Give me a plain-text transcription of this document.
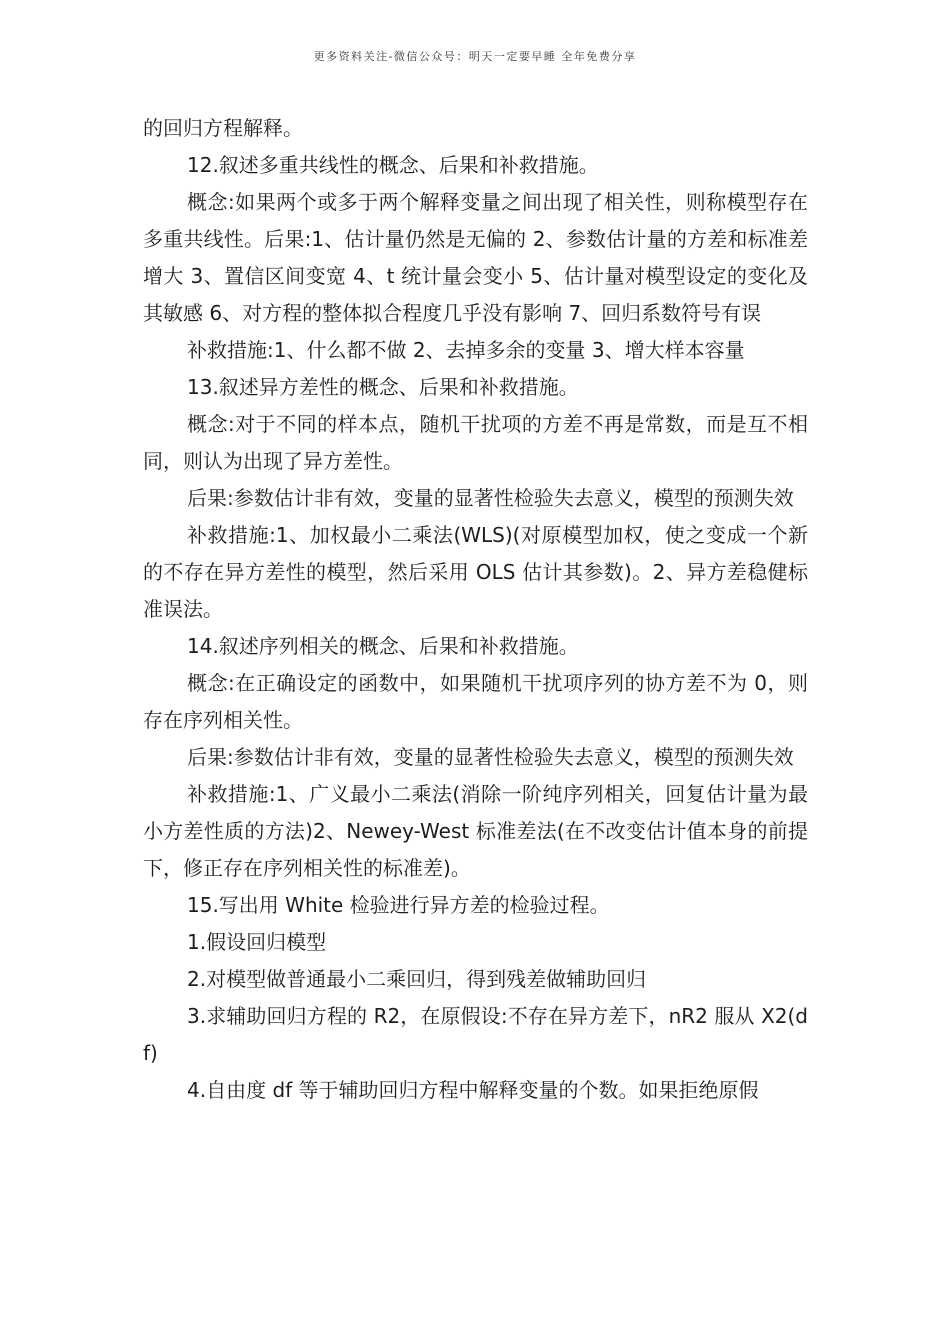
更多资料关注-微信公众号：明天一定要早睡 全年免费分享

的回归方程解释。

12.叙述多重共线性的概念、后果和补救措施。

概念:如果两个或多于两个解释变量之间出现了相关性，则称模型存在多重共线性。后果:1、估计量仍然是无偏的 2、参数估计量的方差和标准差增大 3、置信区间变宽 4、t 统计量会变小 5、估计量对模型设定的变化及其敏感 6、对方程的整体拟合程度几乎没有影响 7、回归系数符号有误

补救措施:1、什么都不做 2、去掉多余的变量 3、增大样本容量

13.叙述异方差性的概念、后果和补救措施。

概念:对于不同的样本点，随机干扰项的方差不再是常数，而是互不相同，则认为出现了异方差性。

后果:参数估计非有效，变量的显著性检验失去意义，模型的预测失效

补救措施:1、加权最小二乘法(WLS)(对原模型加权，使之变成一个新的不存在异方差性的模型，然后采用 OLS 估计其参数)。2、异方差稳健标准误法。

14.叙述序列相关的概念、后果和补救措施。

概念:在正确设定的函数中，如果随机干扰项序列的协方差不为 0，则存在序列相关性。

后果:参数估计非有效，变量的显著性检验失去意义，模型的预测失效

补救措施:1、广义最小二乘法(消除一阶纯序列相关，回复估计量为最小方差性质的方法)2、Newey-West 标准差法(在不改变估计值本身的前提下，修正存在序列相关性的标准差)。

15.写出用 White 检验进行异方差的检验过程。

1.假设回归模型

2.对模型做普通最小二乘回归，得到残差做辅助回归

3.求辅助回归方程的 R2，在原假设:不存在异方差下，nR2 服从 X2(df)

4.自由度 df 等于辅助回归方程中解释变量的个数。如果拒绝原假
